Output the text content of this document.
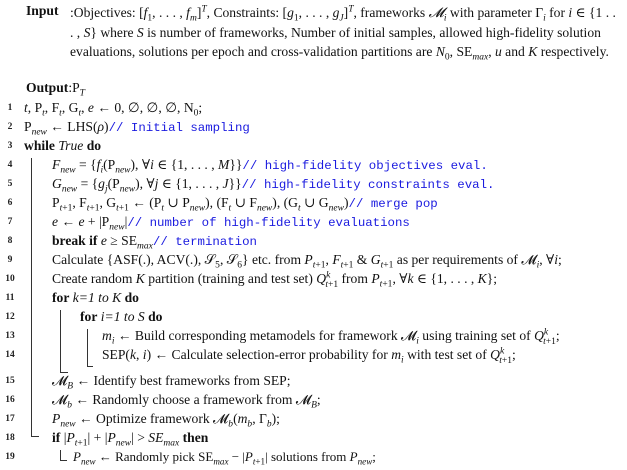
Input :Objectives: [$f_1$, . . . , $f_m]^T$, Constraints: [$g_1$, . . . , $g_J]^T$, frameworks 𝓜$_i$ with parameter $\Gamma_i$ for i ∈ {1 . . . , S} where S is number of frameworks, Number of initial samples, allowed high-fidelity solution evaluations, solutions per epoch and cross-validation partitions are $N_0$, $SE_{max}$, u and K respectively.
$Output:P_T$
1
2
3
4
5
6
7
8
9
10
11
12
13
14
15
16
17
18
19
t, $P_t$, $F_t$, $G_t$, e ← 0, ∅, ∅, ∅, $N_0$;
$P_{new}$ ← LHS(ρ)// Initial sampling
while True do
$F_{new} = \{f_i(P_{new})$, ∀i ∈ {1, . . . , M}}// high-fidelity objectives eval.
$G_{new} = \{g_j(P_{new})$, ∀j ∈ {1, . . . , J}}// high-fidelity constraints eval.
$P_{t+1}$, $F_{t+1}$, $G_{t+1}$ ← ($P_t$ ∪ $P_{new}$), ($F_t$ ∪ $F_{new}$), ($G_t$ ∪ $G_{new})//$ merge pop
e ← $e + |P_{new}|//$ number of high-fidelity evaluations
break if $e \ge SE_{max}//$ termination
Calculate {ASF(.), ACV(.), 𝒮$_5$, 𝒮$_6$} etc. from $P_{t+1}$, $F_{t+1}$ & $G_{t+1}$ as per requirements of 𝓜$_i$, ∀i;
Create random K partition (training and test set) $Q^k_{t+1}$ from $P_{t+1}$, ∀k ∈ {1, . . . , K};
for k=1 to K do
for i=1 to S do
$m_i$ ← Build corresponding metamodels for framework 𝓜$_i$ using training set of $Q^k_{t+1}$;
SEP(k, i) ← Calculate selection-error probability for $m_i$ with test set of $Q^k_{t+1}$;
𝓜$_B$ ← Identify best frameworks from SEP;
𝓜$_b$ ← Randomly choose a framework from 𝓜$_B$;
$P_{new}$ ← Optimize framework $𝓜_b(m_b$, $\Gamma_b$);
if $|P_{t+1}| + |P_{new}| > SE_{max}$ then
$P_{new}$ ← Randomly pick $SE_{max} - |P_{t+1}|$ solutions from $P_{new}$;
